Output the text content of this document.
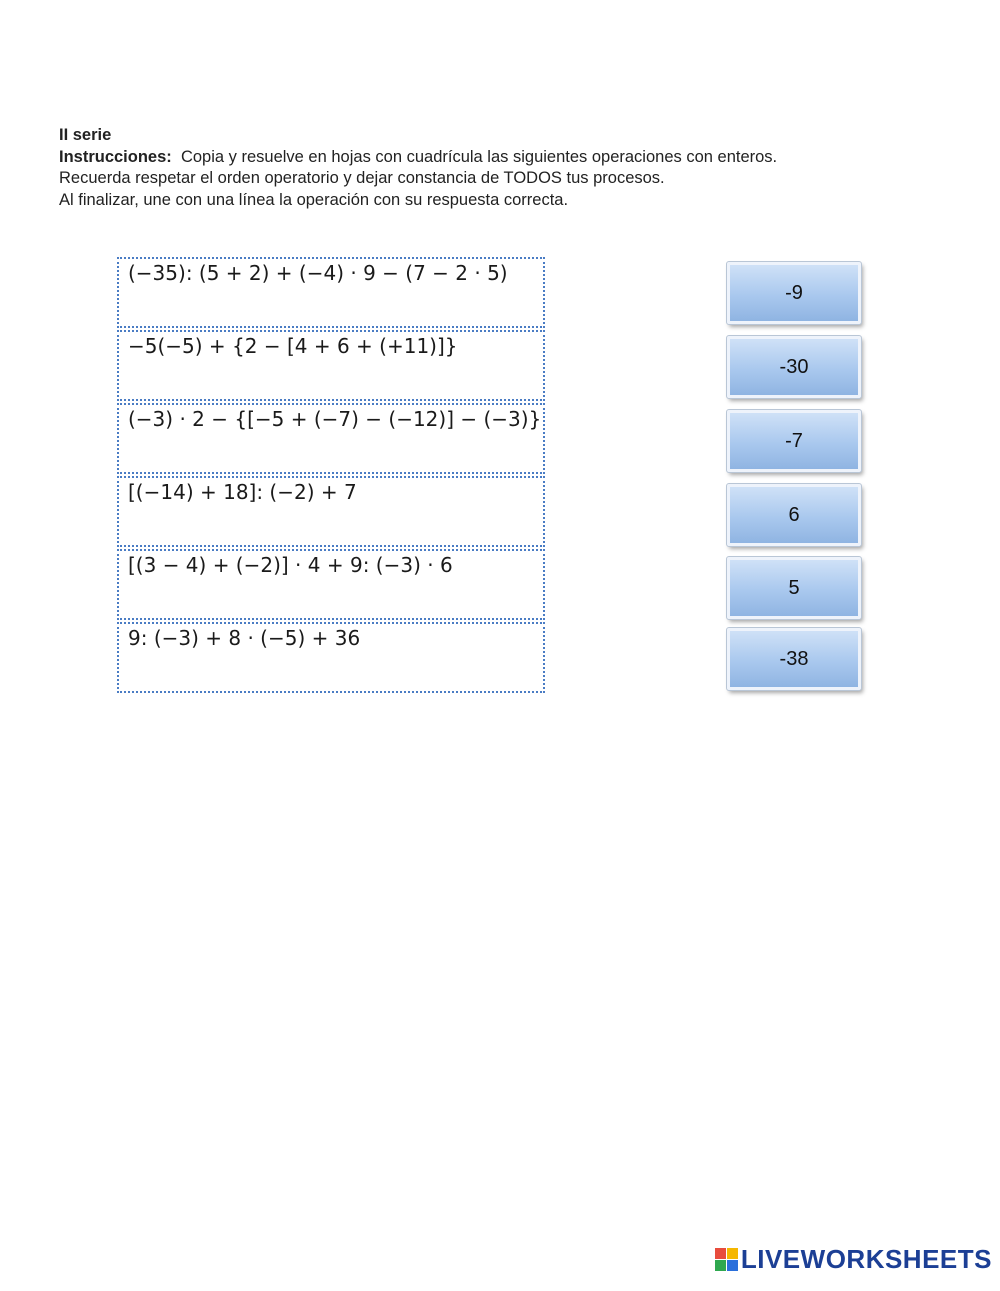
II serie
Instrucciones: Copia y resuelve en hojas con cuadrícula las siguientes operaciones con enteros.
Recuerda respetar el orden operatorio y dejar constancia de TODOS tus procesos.
Al finalizar, une con una línea la operación con su respuesta correcta.
(−35): (5 + 2) + (−4) · 9 − (7 − 2 · 5)
−5(−5) + {2 − [4 + 6 + (+11)]}
(−3) · 2 − {[−5 + (−7) − (−12)] − (−3)}
[(−14) + 18]: (−2) + 7
[(3 − 4) + (−2)] · 4 + 9: (−3) · 6
9: (−3) + 8 · (−5) + 36
-9
-30
-7
6
5
-38
LIVEWORKSHEETS
